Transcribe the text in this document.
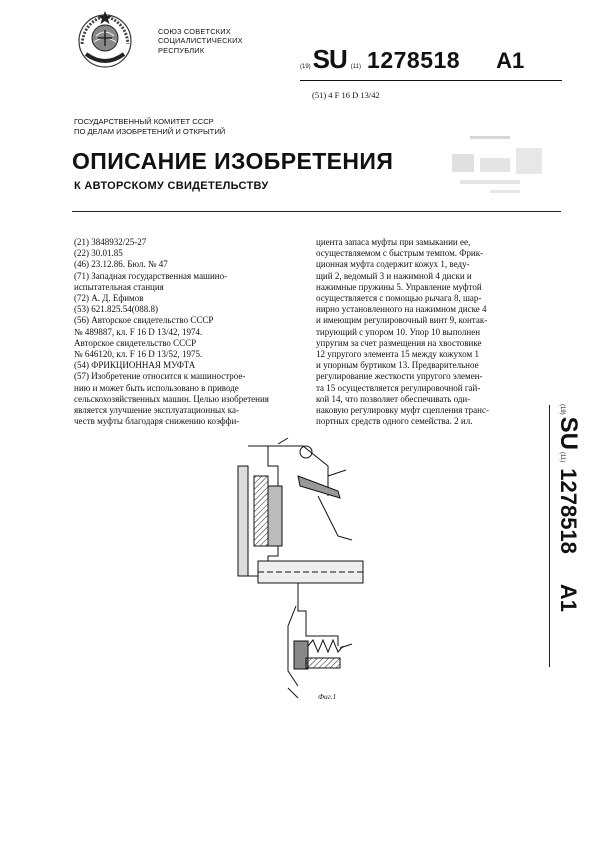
СОЮЗ СОВЕТСКИХ
СОЦИАЛИСТИЧЕСКИХ
РЕСПУБЛИК
(19) SU (11) 1278518 A1
(51) 4 F 16 D 13/42
ГОСУДАРСТВЕННЫЙ КОМИТЕТ СССР
ПО ДЕЛАМ ИЗОБРЕТЕНИЙ И ОТКРЫТИЙ
ОПИСАНИЕ ИЗОБРЕТЕНИЯ
К АВТОРСКОМУ СВИДЕТЕЛЬСТВУ

(21) 3848932/25-27

(22) 30.01.85

(46) 23.12.86. Бюл. № 47

(71) Западная государственная машино-

испытательная станция

(72) А. Д. Ефимов

(53) 621.825.54(088.8)

(56) Авторское свидетельство СССР

№ 489887, кл. F 16 D 13/42, 1974.

Авторское свидетельство СССР

№ 646120, кл. F 16 D 13/52, 1975.

(54) ФРИКЦИОННАЯ МУФТА

(57) Изобретение относится к машинострое-

нию и может быть использовано в приводе

сельскохозяйственных машин. Целью изобретения

является улучшение эксплуатационных ка-

честв муфты благодаря снижению коэффи-

циента запаса муфты при замыкании ее,

осуществляемом с быстрым темпом. Фрик-

ционная муфта содержит кожух 1, веду-

щий 2, ведомый 3 и нажимной 4 диски и

нажимные пружины 5. Управление муфтой

осуществляется с помощью рычага 8, шар-

нирно установленного на нажимном диске 4

и имеющим регулировочный винт 9, контак-

тирующий с упором 10. Упор 10 выполнен

упругим за счет размещения на хвостовике

12 упругого элемента 15 между кожухом 1

и упорным буртиком 13. Предварительное

регулирование жесткости упругого элемен-

та 15 осуществляется регулировочной гай-

кой 14, что позволяет обеспечивать оди-

наковую регулировку муфт сцепления транс-

портных средств одного семейства. 2 ил.

(19)
SU
(11)
1278518
A1
Фиг.1
